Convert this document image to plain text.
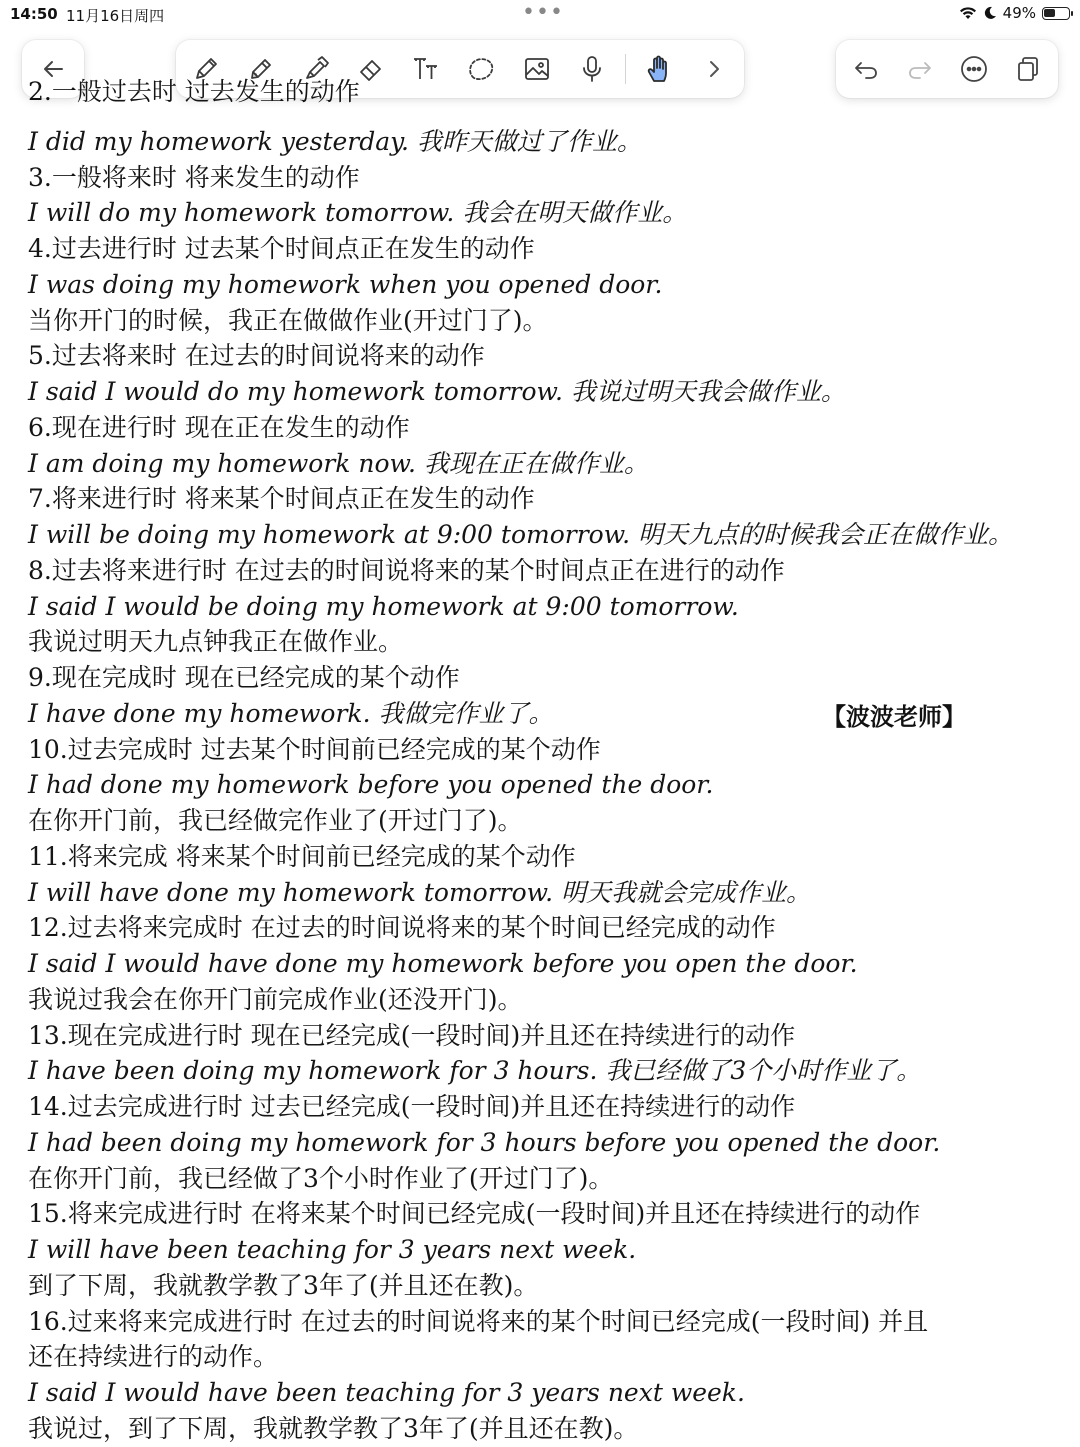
14:50 11月16日周四	•••	49%
2.一般过去时 过去发生的动作
I did my homework yesterday. 我昨天做过了作业。
3.一般将来时 将来发生的动作
I will do my homework tomorrow. 我会在明天做作业。
4.过去进行时 过去某个时间点正在发生的动作
I was doing my homework when you opened door.
当你开门的时候，我正在做做作业(开过门了)。
5.过去将来时 在过去的时间说将来的动作
I said I would do my homework tomorrow. 我说过明天我会做作业。
6.现在进行时 现在正在发生的动作
I am doing my homework now. 我现在正在做作业。
7.将来进行时 将来某个时间点正在发生的动作
I will be doing my homework at 9:00 tomorrow. 明天九点的时候我会正在做作业。
8.过去将来进行时 在过去的时间说将来的某个时间点正在进行的动作
I said I would be doing my homework at 9:00 tomorrow.
我说过明天九点钟我正在做作业。
9.现在完成时 现在已经完成的某个动作
I have done my homework. 我做完作业了。
10.过去完成时 过去某个时间前已经完成的某个动作
I had done my homework before you opened the door.
在你开门前，我已经做完作业了(开过门了)。
11.将来完成 将来某个时间前已经完成的某个动作
I will have done my homework tomorrow. 明天我就会完成作业。
12.过去将来完成时 在过去的时间说将来的某个时间已经完成的动作
I said I would have done my homework before you open the door.
我说过我会在你开门前完成作业(还没开门)。
13.现在完成进行时 现在已经完成(一段时间)并且还在持续进行的动作
I have been doing my homework for 3 hours. 我已经做了3个小时作业了。
14.过去完成进行时 过去已经完成(一段时间)并且还在持续进行的动作
I had been doing my homework for 3 hours before you opened the door.
在你开门前，我已经做了3个小时作业了(开过门了)。
15.将来完成进行时 在将来某个时间已经完成(一段时间)并且还在持续进行的动作
I will have been teaching for 3 years next week.
到了下周，我就教学教了3年了(并且还在教)。
16.过来将来完成进行时 在过去的时间说将来的某个时间已经完成(一段时间) 并且
还在持续进行的动作。
I said I would have been teaching for 3 years next week.
我说过，到了下周，我就教学教了3年了(并且还在教)。
【波波老师】
